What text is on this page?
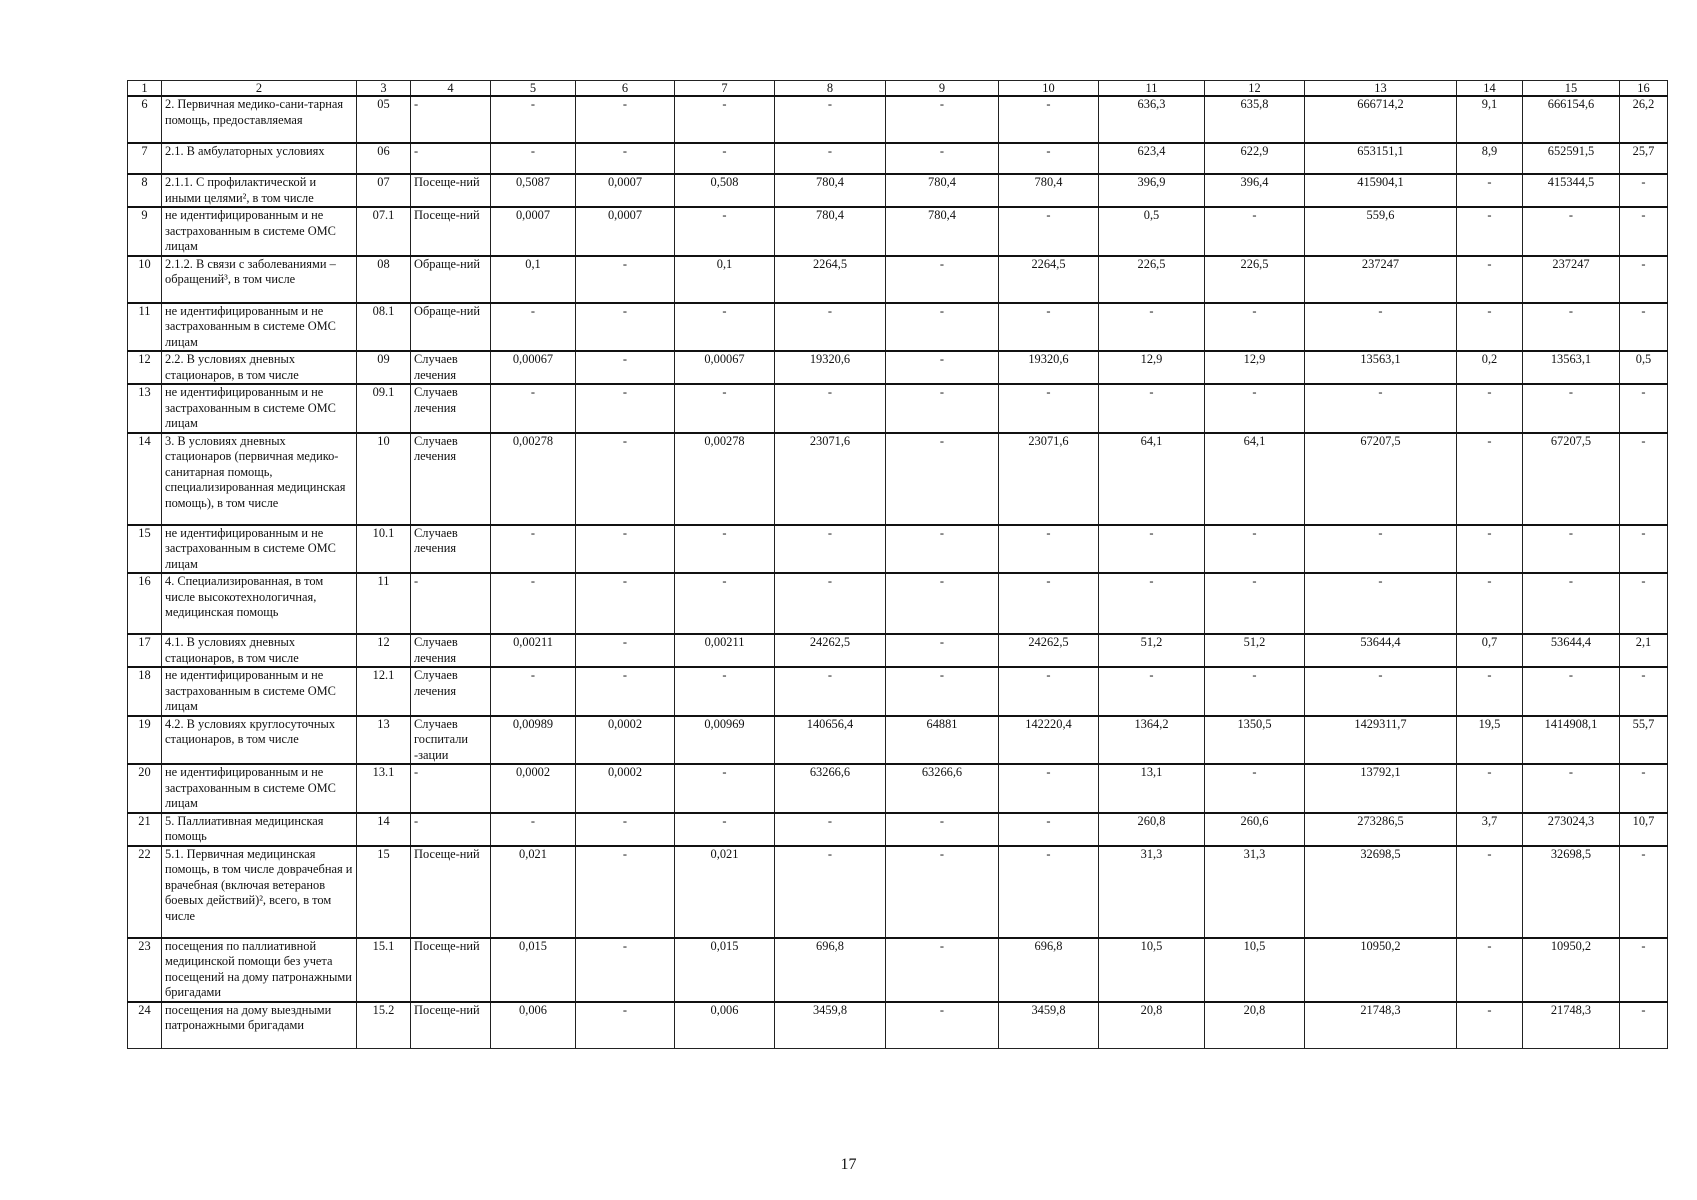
1	2	3	4	5	6	7	8	9	10	11	12	13	14	15	16
6	2. Первичная медико-сани-тарная помощь, предоставляемая	05	-	-	-	-	-	-	-	636,3	635,8	666714,2	9,1	666154,6	26,2
7	2.1. В амбулаторных условиях	06	-	-	-	-	-	-	-	623,4	622,9	653151,1	8,9	652591,5	25,7
8	2.1.1. С профилактической и иными целями², в том числе	07	Посеще-ний	0,5087	0,0007	0,508	780,4	780,4	780,4	396,9	396,4	415904,1	-	415344,5	-
9	не идентифицированным и не застрахованным в системе ОМС лицам	07.1	Посеще-ний	0,0007	0,0007	-	780,4	780,4	-	0,5	-	559,6	-	-	-
10	2.1.2. В связи с заболеваниями – обращений³, в том числе	08	Обраще-ний	0,1	-	0,1	2264,5	-	2264,5	226,5	226,5	237247	-	237247	-
11	не идентифицированным и не застрахованным в системе ОМС лицам	08.1	Обраще-ний	-	-	-	-	-	-	-	-	-	-	-	-
12	2.2. В условиях дневных стационаров, в том числе	09	Случаев лечения	0,00067	-	0,00067	19320,6	-	19320,6	12,9	12,9	13563,1	0,2	13563,1	0,5
13	не идентифицированным и не застрахованным в системе ОМС лицам	09.1	Случаев лечения	-	-	-	-	-	-	-	-	-	-	-	-
14	3. В условиях дневных стационаров (первичная медико-санитарная помощь, специализированная медицинская помощь), в том числе	10	Случаев лечения	0,00278	-	0,00278	23071,6	-	23071,6	64,1	64,1	67207,5	-	67207,5	-
15	не идентифицированным и не застрахованным в системе ОМС лицам	10.1	Случаев лечения	-	-	-	-	-	-	-	-	-	-	-	-
16	4. Специализированная, в том числе высокотехнологичная, медицинская помощь	11	-	-	-	-	-	-	-	-	-	-	-	-	-
17	4.1. В условиях дневных стационаров, в том числе	12	Случаев лечения	0,00211	-	0,00211	24262,5	-	24262,5	51,2	51,2	53644,4	0,7	53644,4	2,1
18	не идентифицированным и не застрахованным в системе ОМС лицам	12.1	Случаев лечения	-	-	-	-	-	-	-	-	-	-	-	-
19	4.2. В условиях круглосуточных стационаров, в том числе	13	Случаев госпитали -зации	0,00989	0,0002	0,00969	140656,4	64881	142220,4	1364,2	1350,5	1429311,7	19,5	1414908,1	55,7
20	не идентифицированным и не застрахованным в системе ОМС лицам	13.1	-	0,0002	0,0002	-	63266,6	63266,6	-	13,1	-	13792,1	-	-	-
21	5. Паллиативная медицинская помощь	14	-	-	-	-	-	-	-	260,8	260,6	273286,5	3,7	273024,3	10,7
22	5.1. Первичная медицинская помощь, в том числе доврачебная и врачебная (включая ветеранов боевых действий)², всего, в том числе	15	Посеще-ний	0,021	-	0,021	-	-	-	31,3	31,3	32698,5	-	32698,5	-
23	посещения по паллиативной медицинской помощи без учета посещений на дому патронажными бригадами	15.1	Посеще-ний	0,015	-	0,015	696,8	-	696,8	10,5	10,5	10950,2	-	10950,2	-
24	посещения на дому выездными патронажными бригадами	15.2	Посеще-ний	0,006	-	0,006	3459,8	-	3459,8	20,8	20,8	21748,3	-	21748,3	-
17
